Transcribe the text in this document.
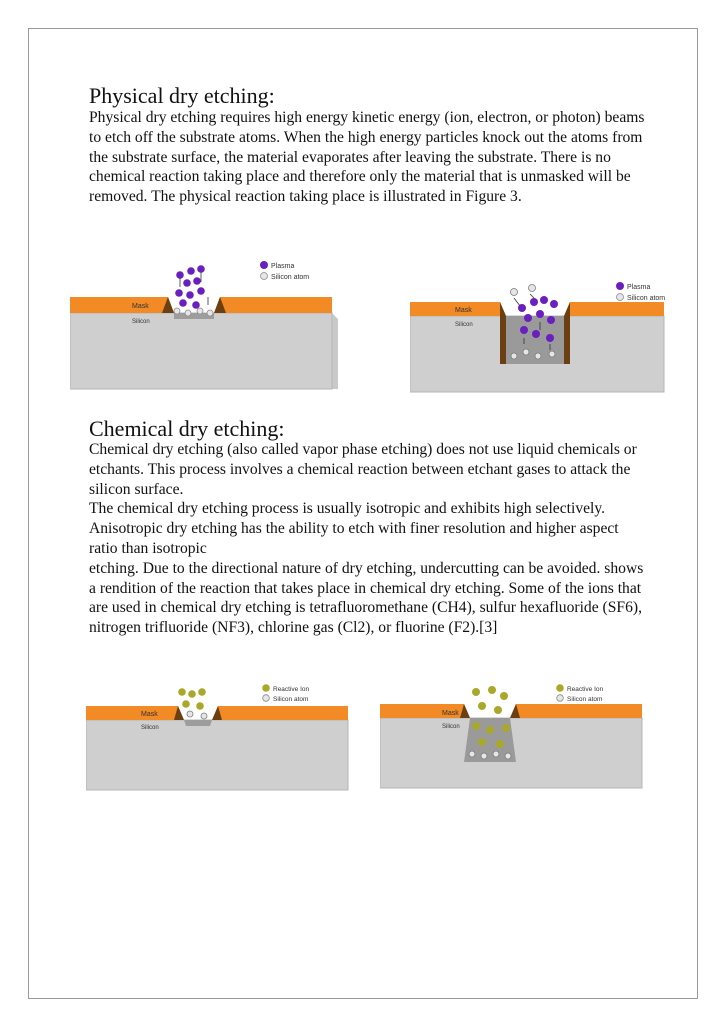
Physical dry etching:

Physical dry etching requires high energy kinetic energy (ion, electron, or photon) beams to etch off the substrate atoms. When the high energy particles knock out the atoms from the substrate surface, the material evaporates after leaving the substrate. There is no chemical reaction taking place and therefore only the material that is unmasked will be removed. The physical reaction taking place is illustrated in Figure 3.

Mask
Silicon
Plasma
Silicon atom
Mask
Silicon
Plasma
Silicon atom
Chemical dry etching:

Chemical dry etching (also called vapor phase etching) does not use liquid chemicals or etchants. This process involves a chemical reaction between etchant gases to attack the silicon surface.

The chemical dry etching process is usually isotropic and exhibits high selectively. Anisotropic dry etching has the ability to etch with finer resolution and higher aspect ratio than isotropic

etching. Due to the directional nature of dry etching, undercutting can be avoided. shows a rendition of the reaction that takes place in chemical dry etching. Some of the ions that are used in chemical dry etching is tetrafluoromethane (CH4), sulfur hexafluoride (SF6), nitrogen trifluoride (NF3), chlorine gas (Cl2), or fluorine (F2).[3]

Mask
Silicon
Reactive Ion
Silicon atom
Mask
Silicon
Reactive Ion
Silicon atom
